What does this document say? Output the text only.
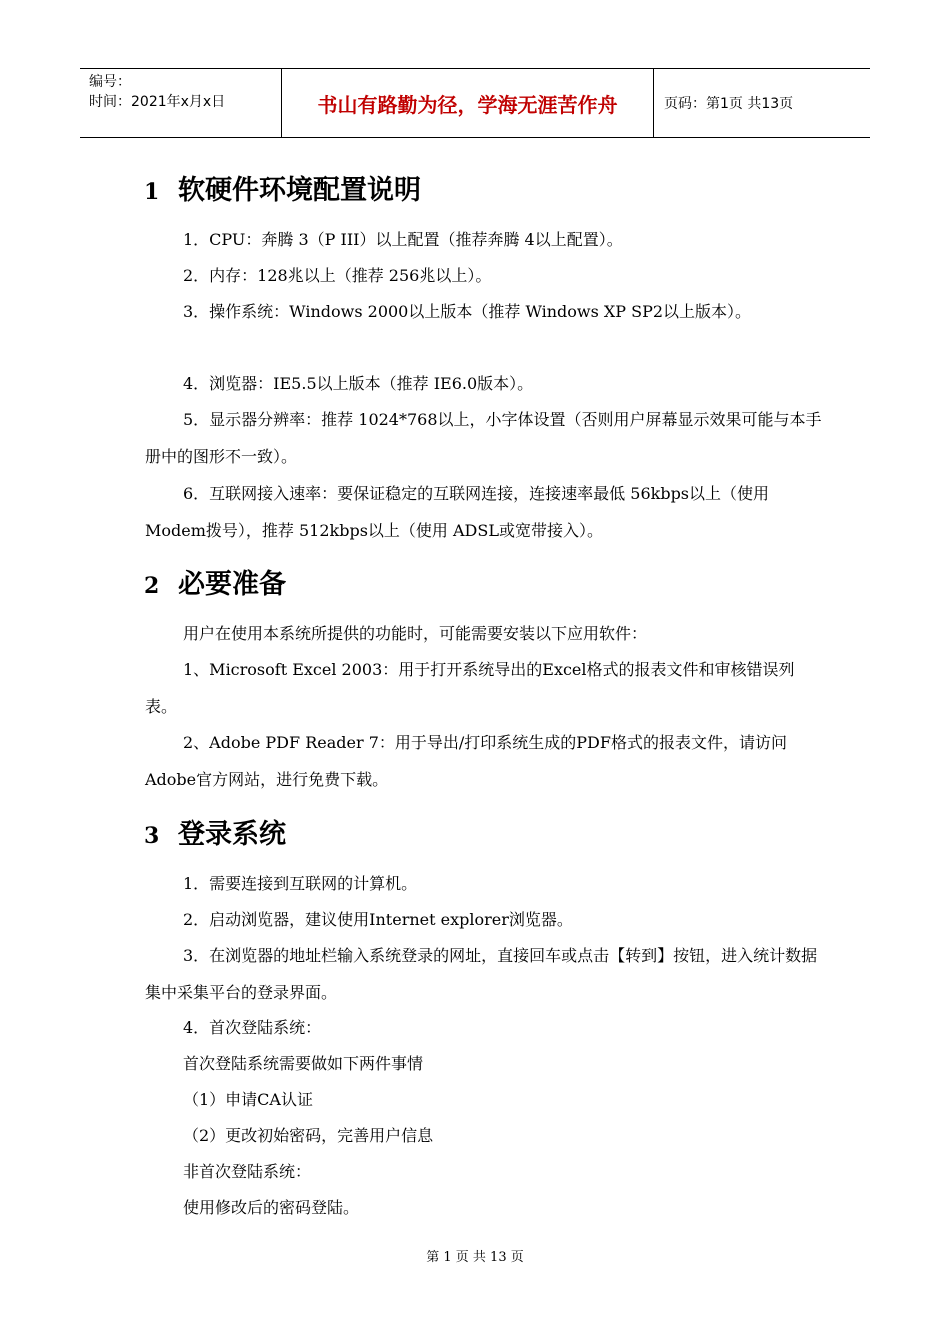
编号：
时间：2021年x月x日	书山有路勤为径，学海无涯苦作舟	页码：第1页 共13页
1 软硬件环境配置说明
1．CPU：奔腾 3（P III）以上配置（推荐奔腾 4以上配置）。
2．内存：128兆以上（推荐 256兆以上）。
3．操作系统：Windows 2000以上版本（推荐 Windows XP SP2以上版本）。
4．浏览器：IE5.5以上版本（推荐 IE6.0版本）。
5．显示器分辨率：推荐 1024*768以上，小字体设置（否则用户屏幕显示效果可能与本手册中的图形不一致）。
6．互联网接入速率：要保证稳定的互联网连接，连接速率最低 56kbps以上（使用 Modem拨号），推荐 512kbps以上（使用 ADSL或宽带接入）。
2 必要准备
用户在使用本系统所提供的功能时，可能需要安装以下应用软件：
1、Microsoft Excel 2003：用于打开系统导出的Excel格式的报表文件和审核错误列表。
2、Adobe PDF Reader 7：用于导出/打印系统生成的PDF格式的报表文件，请访问Adobe官方网站，进行免费下载。
3 登录系统
1．需要连接到互联网的计算机。
2．启动浏览器，建议使用Internet explorer浏览器。
3．在浏览器的地址栏输入系统登录的网址，直接回车或点击【转到】按钮，进入统计数据集中采集平台的登录界面。
4．首次登陆系统：
首次登陆系统需要做如下两件事情
（1）申请CA认证
（2）更改初始密码，完善用户信息
非首次登陆系统：
使用修改后的密码登陆。
第 1 页 共 13 页
